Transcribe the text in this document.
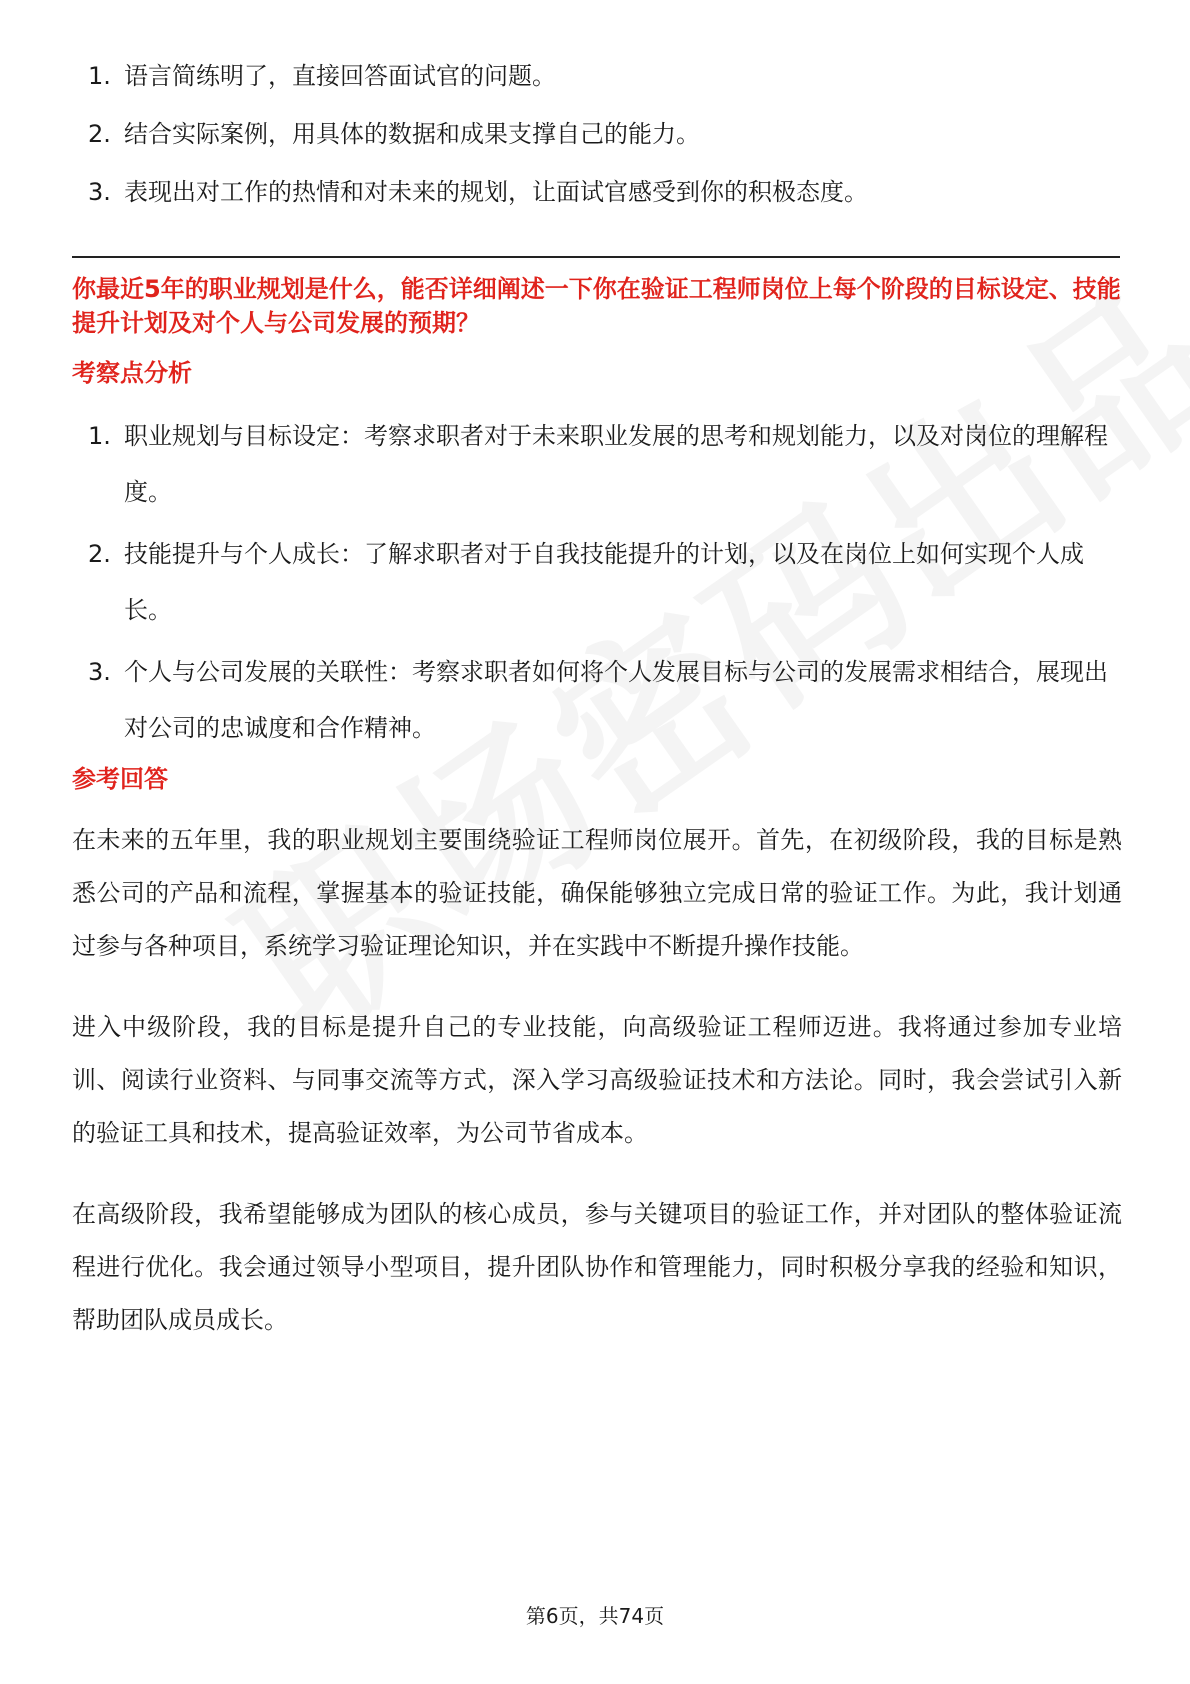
1. 语言简练明了，直接回答面试官的问题。
2. 结合实际案例，用具体的数据和成果支撑自己的能力。
3. 表现出对工作的热情和对未来的规划，让面试官感受到你的积极态度。

你最近5年的职业规划是什么，能否详细阐述一下你在验证工程师岗位上每个阶段的目标设定、技能提升计划及对个人与公司发展的预期？

考察点分析

1. 职业规划与目标设定：考察求职者对于未来职业发展的思考和规划能力，以及对岗位的理解程度。
2. 技能提升与个人成长：了解求职者对于自我技能提升的计划，以及在岗位上如何实现个人成长。
3. 个人与公司发展的关联性：考察求职者如何将个人发展目标与公司的发展需求相结合，展现出对公司的忠诚度和合作精神。

参考回答

在未来的五年里，我的职业规划主要围绕验证工程师岗位展开。首先，在初级阶段，我的目标是熟悉公司的产品和流程，掌握基本的验证技能，确保能够独立完成日常的验证工作。为此，我计划通过参与各种项目，系统学习验证理论知识，并在实践中不断提升操作技能。

进入中级阶段，我的目标是提升自己的专业技能，向高级验证工程师迈进。我将通过参加专业培训、阅读行业资料、与同事交流等方式，深入学习高级验证技术和方法论。同时，我会尝试引入新的验证工具和技术，提高验证效率，为公司节省成本。

在高级阶段，我希望能够成为团队的核心成员，参与关键项目的验证工作，并对团队的整体验证流程进行优化。我会通过领导小型项目，提升团队协作和管理能力，同时积极分享我的经验和知识，帮助团队成员成长。

第6页，共74页
